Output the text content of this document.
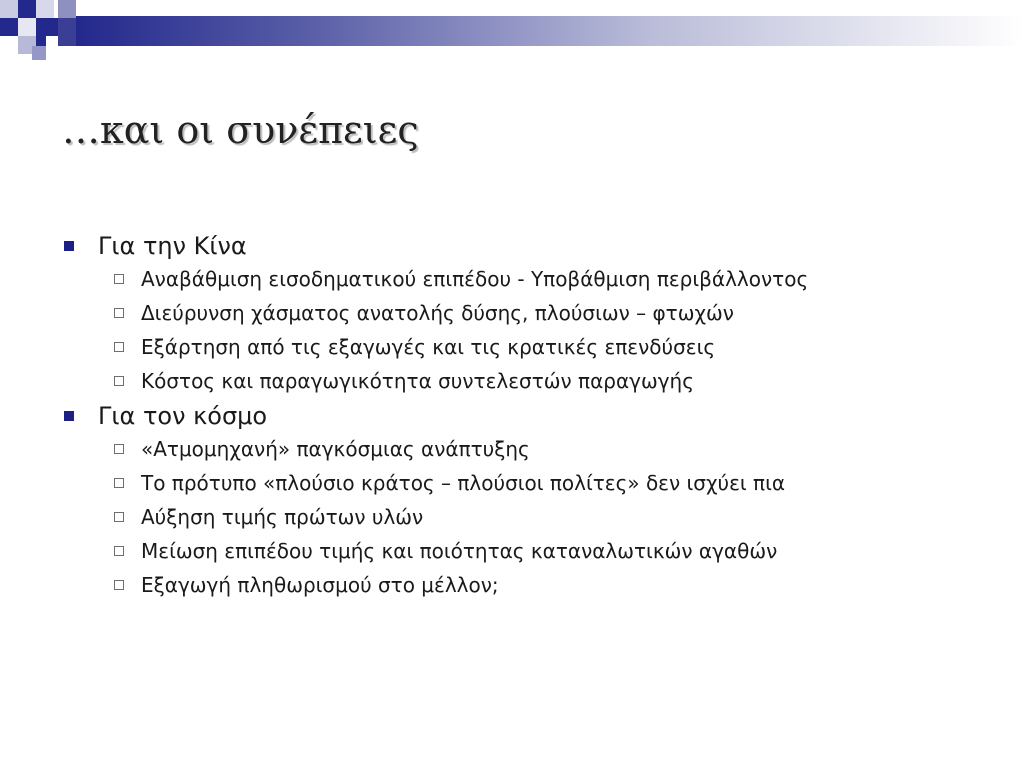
…και οι συνέπειες
Για την Κίνα
Αναβάθμιση εισοδηματικού επιπέδου - Υποβάθμιση περιβάλλοντος
Διεύρυνση χάσματος ανατολής δύσης, πλούσιων – φτωχών
Εξάρτηση από τις εξαγωγές και τις κρατικές επενδύσεις
Κόστος και παραγωγικότητα συντελεστών παραγωγής
Για τον κόσμο
«Ατμομηχανή» παγκόσμιας ανάπτυξης
Το πρότυπο «πλούσιο κράτος – πλούσιοι πολίτες» δεν ισχύει πια
Αύξηση τιμής πρώτων υλών
Μείωση επιπέδου τιμής και ποιότητας καταναλωτικών αγαθών
Εξαγωγή πληθωρισμού στο μέλλον;
